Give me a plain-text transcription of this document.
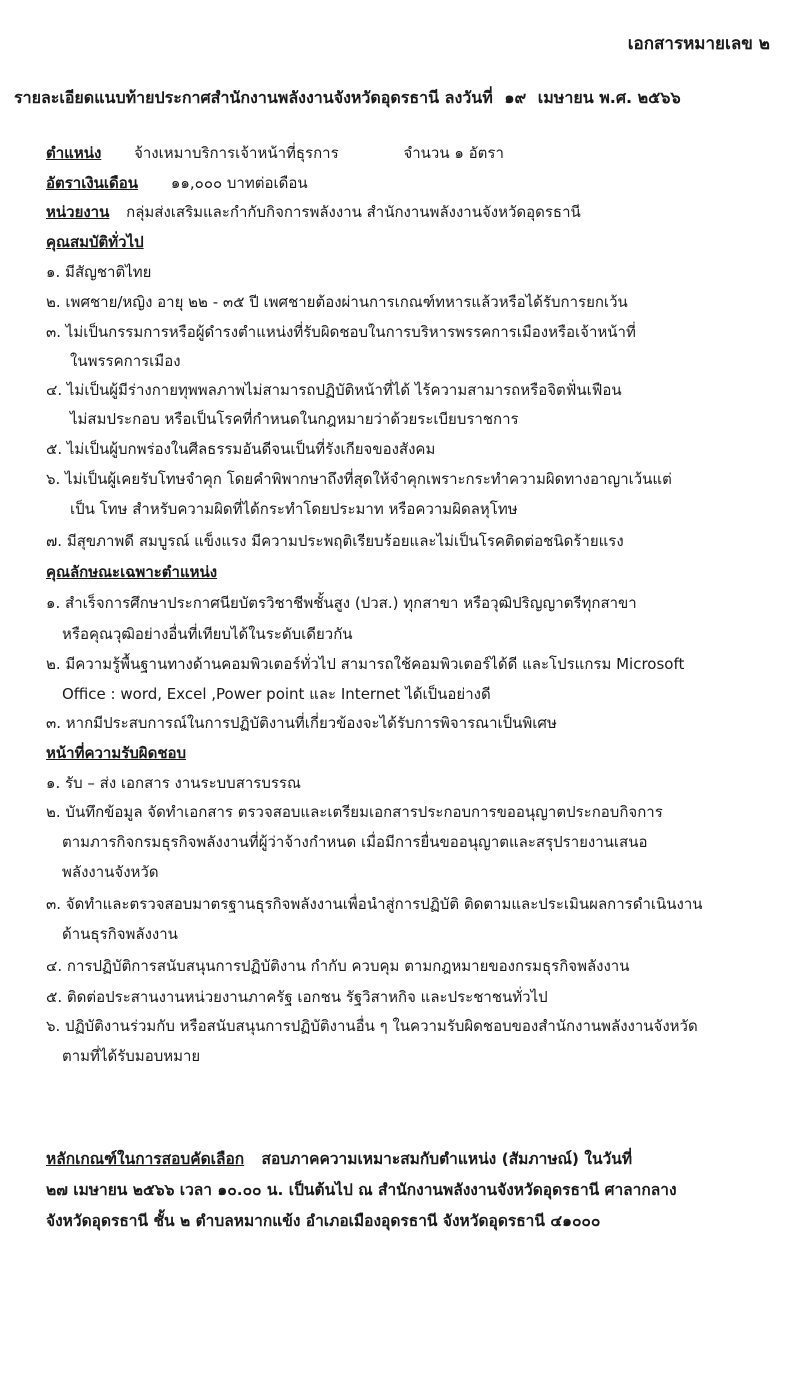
เอกสารหมายเลข ๒
รายละเอียดแนบท้ายประกาศสำนักงานพลังงานจังหวัดอุดรธานี ลงวันที่ ๑๙ เมษายน พ.ศ. ๒๕๖๖
ตำแหน่ง จ้างเหมาบริการเจ้าหน้าที่ธุรการ	จำนวน ๑ อัตรา
อัตราเงินเดือน ๑๑,๐๐๐ บาทต่อเดือน
หน่วยงาน กลุ่มส่งเสริมและกำกับกิจการพลังงาน สำนักงานพลังงานจังหวัดอุดรธานี
คุณสมบัติทั่วไป
๑. มีสัญชาติไทย
๒. เพศชาย/หญิง อายุ ๒๒ - ๓๕ ปี เพศชายต้องผ่านการเกณฑ์ทหารแล้วหรือได้รับการยกเว้น
๓. ไม่เป็นกรรมการหรือผู้ดำรงตำแหน่งที่รับผิดชอบในการบริหารพรรคการเมืองหรือเจ้าหน้าที่
ในพรรคการเมือง
๔. ไม่เป็นผู้มีร่างกายทุพพลภาพไม่สามารถปฏิบัติหน้าที่ได้ ไร้ความสามารถหรือจิตฟั่นเฟือน
ไม่สมประกอบ หรือเป็นโรคที่กำหนดในกฎหมายว่าด้วยระเบียบราชการ
๕. ไม่เป็นผู้บกพร่องในศีลธรรมอันดีจนเป็นที่รังเกียจของสังคม
๖. ไม่เป็นผู้เคยรับโทษจำคุก โดยคำพิพากษาถึงที่สุดให้จำคุกเพราะกระทำความผิดทางอาญาเว้นแต่
เป็น โทษ สำหรับความผิดที่ได้กระทำโดยประมาท หรือความผิดลหุโทษ
๗. มีสุขภาพดี สมบูรณ์ แข็งแรง มีความประพฤติเรียบร้อยและไม่เป็นโรคติดต่อชนิดร้ายแรง
คุณลักษณะเฉพาะตำแหน่ง
๑. สำเร็จการศึกษาประกาศนียบัตรวิชาชีพชั้นสูง (ปวส.) ทุกสาขา หรือวุฒิปริญญาตรีทุกสาขา
หรือคุณวุฒิอย่างอื่นที่เทียบได้ในระดับเดียวกัน
๒. มีความรู้พื้นฐานทางด้านคอมพิวเตอร์ทั่วไป สามารถใช้คอมพิวเตอร์ได้ดี และโปรแกรม Microsoft
Office : word, Excel ,Power point และ Internet ได้เป็นอย่างดี
๓. หากมีประสบการณ์ในการปฏิบัติงานที่เกี่ยวข้องจะได้รับการพิจารณาเป็นพิเศษ
หน้าที่ความรับผิดชอบ
๑. รับ – ส่ง เอกสาร งานระบบสารบรรณ
๒. บันทึกข้อมูล จัดทำเอกสาร ตรวจสอบและเตรียมเอกสารประกอบการขออนุญาตประกอบกิจการ
ตามภารกิจกรมธุรกิจพลังงานที่ผู้ว่าจ้างกำหนด เมื่อมีการยื่นขออนุญาตและสรุปรายงานเสนอ
พลังงานจังหวัด
๓. จัดทำและตรวจสอบมาตรฐานธุรกิจพลังงานเพื่อนำสู่การปฏิบัติ ติดตามและประเมินผลการดำเนินงาน
ด้านธุรกิจพลังงาน
๔. การปฏิบัติการสนับสนุนการปฏิบัติงาน กำกับ ควบคุม ตามกฎหมายของกรมธุรกิจพลังงาน
๕. ติดต่อประสานงานหน่วยงานภาครัฐ เอกชน รัฐวิสาหกิจ และประชาชนทั่วไป
๖. ปฏิบัติงานร่วมกับ หรือสนับสนุนการปฏิบัติงานอื่น ๆ ในความรับผิดชอบของสำนักงานพลังงานจังหวัด
ตามที่ได้รับมอบหมาย
หลักเกณฑ์ในการสอบคัดเลือก สอบภาคความเหมาะสมกับตำแหน่ง (สัมภาษณ์) ในวันที่
๒๗ เมษายน ๒๕๖๖ เวลา ๑๐.๐๐ น. เป็นต้นไป ณ สำนักงานพลังงานจังหวัดอุดรธานี ศาลากลาง
จังหวัดอุดรธานี ชั้น ๒ ตำบลหมากแข้ง อำเภอเมืองอุดรธานี จังหวัดอุดรธานี ๔๑๐๐๐
